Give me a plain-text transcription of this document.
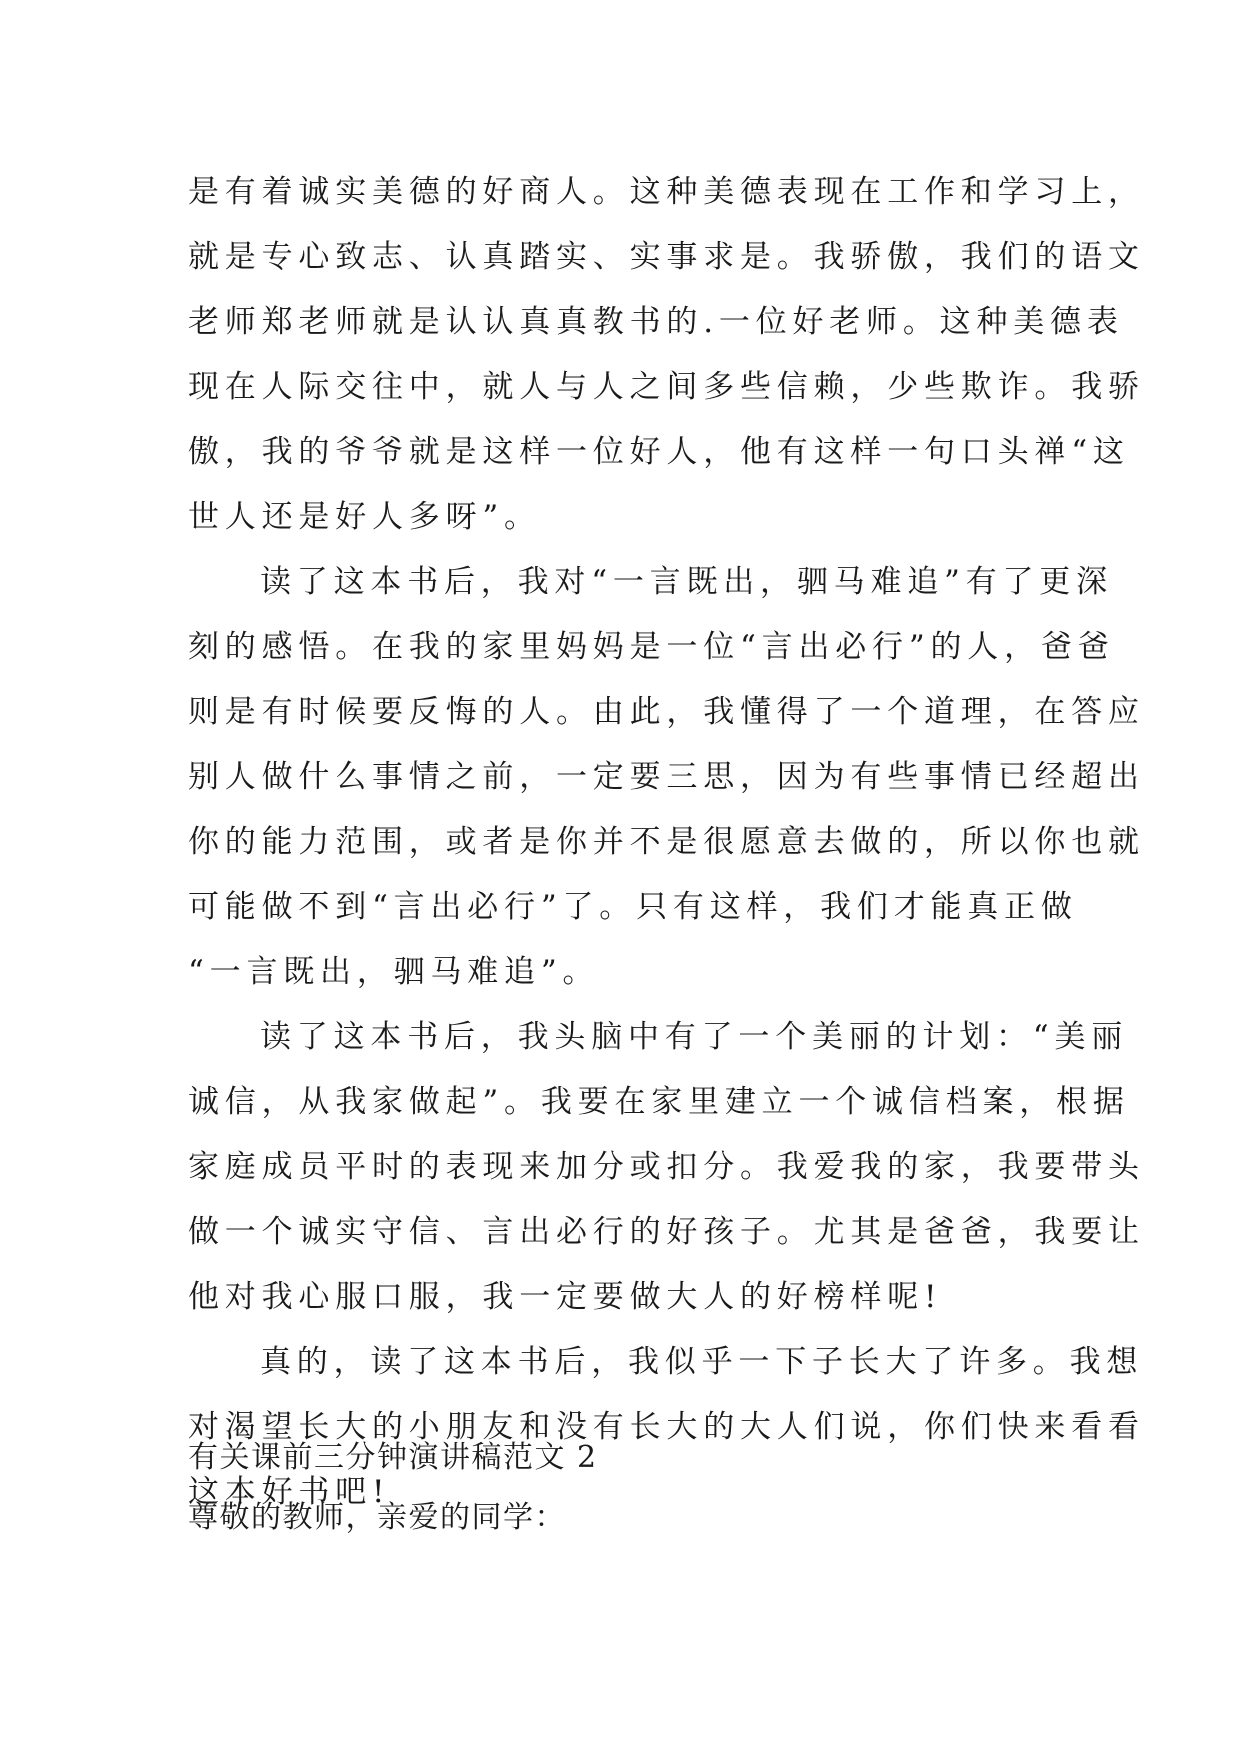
是有着诚实美德的好商人。这种美德表现在工作和学习上，
就是专心致志、认真踏实、实事求是。我骄傲，我们的语文
老师郑老师就是认认真真教书的.一位好老师。这种美德表
现在人际交往中，就人与人之间多些信赖，少些欺诈。我骄
傲，我的爷爷就是这样一位好人，他有这样一句口头禅“这
世人还是好人多呀”。
读了这本书后，我对“一言既出，驷马难追”有了更深
刻的感悟。在我的家里妈妈是一位“言出必行”的人，爸爸
则是有时候要反悔的人。由此，我懂得了一个道理，在答应
别人做什么事情之前，一定要三思，因为有些事情已经超出
你的能力范围，或者是你并不是很愿意去做的，所以你也就
可能做不到“言出必行”了。只有这样，我们才能真正做
“一言既出，驷马难追”。
读了这本书后，我头脑中有了一个美丽的计划：“美丽
诚信，从我家做起”。我要在家里建立一个诚信档案，根据
家庭成员平时的表现来加分或扣分。我爱我的家，我要带头
做一个诚实守信、言出必行的好孩子。尤其是爸爸，我要让
他对我心服口服，我一定要做大人的好榜样呢!
真的，读了这本书后，我似乎一下子长大了许多。我想
对渴望长大的小朋友和没有长大的大人们说，你们快来看看
这本好书吧!
有关课前三分钟演讲稿范文 2
尊敬的教师，亲爱的同学：
